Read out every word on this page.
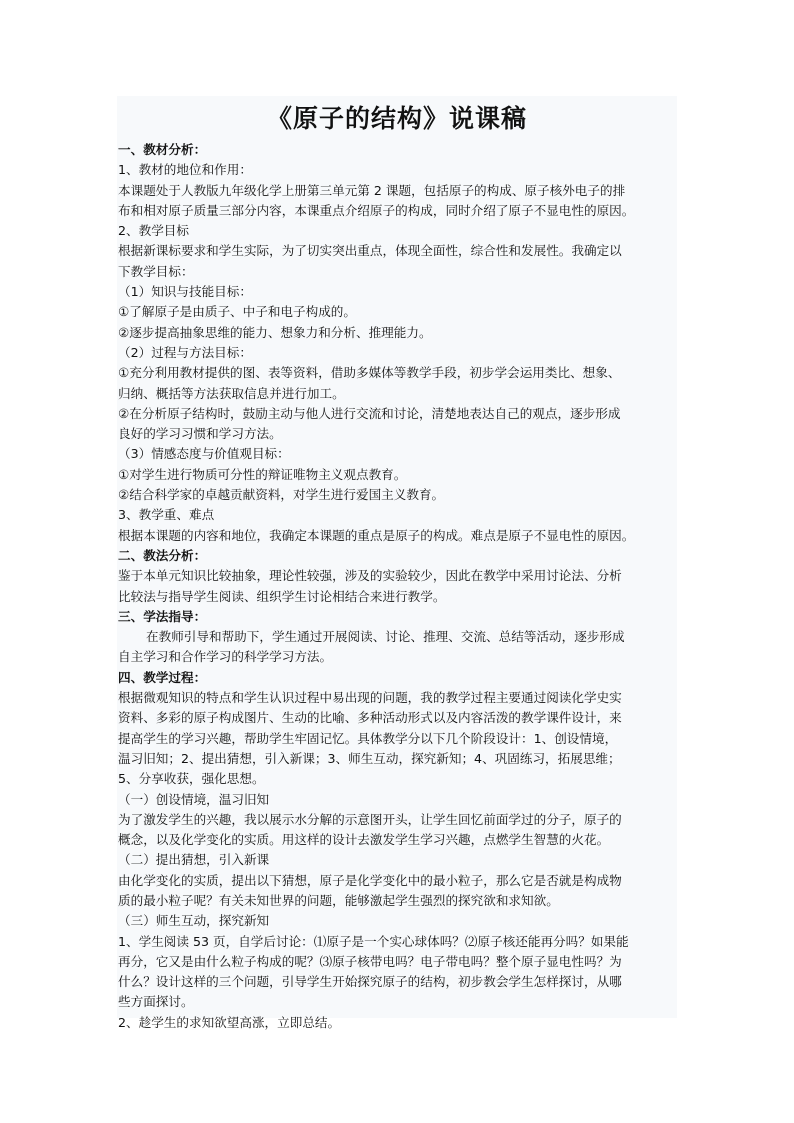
《原子的结构》说课稿
一、教材分析：
1、教材的地位和作用：
本课题处于人教版九年级化学上册第三单元第 2 课题，包括原子的构成、原子核外电子的排
布和相对原子质量三部分内容，本课重点介绍原子的构成，同时介绍了原子不显电性的原因。
2、教学目标
根据新课标要求和学生实际，为了切实突出重点，体现全面性，综合性和发展性。我确定以
下教学目标：
（1）知识与技能目标：
①了解原子是由质子、中子和电子构成的。
②逐步提高抽象思维的能力、想象力和分析、推理能力。
（2）过程与方法目标：
①充分利用教材提供的图、表等资料，借助多媒体等教学手段，初步学会运用类比、想象、
归纳、概括等方法获取信息并进行加工。
②在分析原子结构时，鼓励主动与他人进行交流和讨论，清楚地表达自己的观点，逐步形成
良好的学习习惯和学习方法。
（3）情感态度与价值观目标：
①对学生进行物质可分性的辩证唯物主义观点教育。
②结合科学家的卓越贡献资料，对学生进行爱国主义教育。
3、教学重、难点
根据本课题的内容和地位，我确定本课题的重点是原子的构成。难点是原子不显电性的原因。
二、教法分析：
鉴于本单元知识比较抽象，理论性较强，涉及的实验较少，因此在教学中采用讨论法、分析
比较法与指导学生阅读、组织学生讨论相结合来进行教学。
三、学法指导：
在教师引导和帮助下，学生通过开展阅读、讨论、推理、交流、总结等活动，逐步形成
自主学习和合作学习的科学学习方法。
四、教学过程：
根据微观知识的特点和学生认识过程中易出现的问题，我的教学过程主要通过阅读化学史实
资料、多彩的原子构成图片、生动的比喻、多种活动形式以及内容活泼的教学课件设计，来
提高学生的学习兴趣，帮助学生牢固记忆。具体教学分以下几个阶段设计：1、创设情境，
温习旧知；2、提出猜想，引入新课；3、师生互动，探究新知；4、巩固练习，拓展思维；
5、分享收获，强化思想。
（一）创设情境，温习旧知
为了激发学生的兴趣，我以展示水分解的示意图开头，让学生回忆前面学过的分子，原子的
概念，以及化学变化的实质。用这样的设计去激发学生学习兴趣，点燃学生智慧的火花。
（二）提出猜想，引入新课
由化学变化的实质，提出以下猜想，原子是化学变化中的最小粒子，那么它是否就是构成物
质的最小粒子呢？有关未知世界的问题，能够激起学生强烈的探究欲和求知欲。
（三）师生互动，探究新知
1、学生阅读 53 页，自学后讨论：⑴原子是一个实心球体吗？⑵原子核还能再分吗？如果能
再分，它又是由什么粒子构成的呢？⑶原子核带电吗？电子带电吗？整个原子显电性吗？为
什么？设计这样的三个问题，引导学生开始探究原子的结构，初步教会学生怎样探讨，从哪
些方面探讨。
2、趁学生的求知欲望高涨，立即总结。
